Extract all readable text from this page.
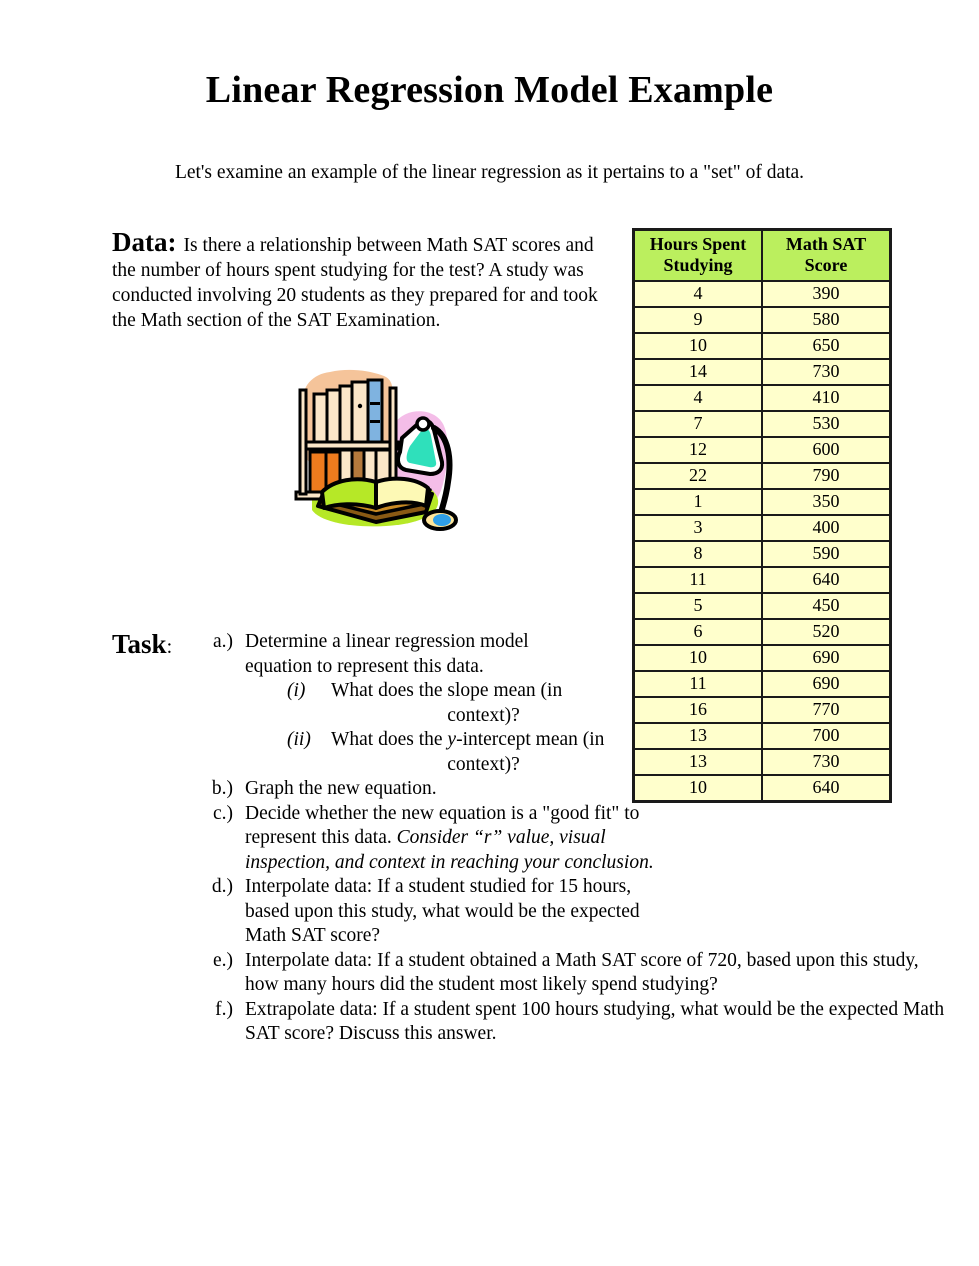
Linear Regression Model Example
Let's examine an example of the linear regression as it pertains to a "set" of data.
Data: Is there a relationship between Math SAT scores and the number of hours spent studying for the test? A study was conducted involving 20 students as they prepared for and took the Math section of the SAT Examination.
Task:	a.) Determine a linear regression model equation to represent this data.
(i)	What does the slope mean (in
context)?
(ii)	What does the y-intercept mean (in
context)?
b.) Graph the new equation.
c.) Decide whether the new equation is a "good fit" to represent this data. Consider “r” value, visual inspection, and context in reaching your conclusion.
d.) Interpolate data: If a student studied for 15 hours, based upon this study, what would be the expected Math SAT score?
e.) Interpolate data: If a student obtained a Math SAT score of 720, based upon this study, how many hours did the student most likely spend studying?
f.) Extrapolate data: If a student spent 100 hours studying, what would be the expected Math SAT score? Discuss this answer.
Hours Spent Studying	Math SAT Score
4	390
9	580
10	650
14	730
4	410
7	530
12	600
22	790
1	350
3	400
8	590
11	640
5	450
6	520
10	690
11	690
16	770
13	700
13	730
10	640
